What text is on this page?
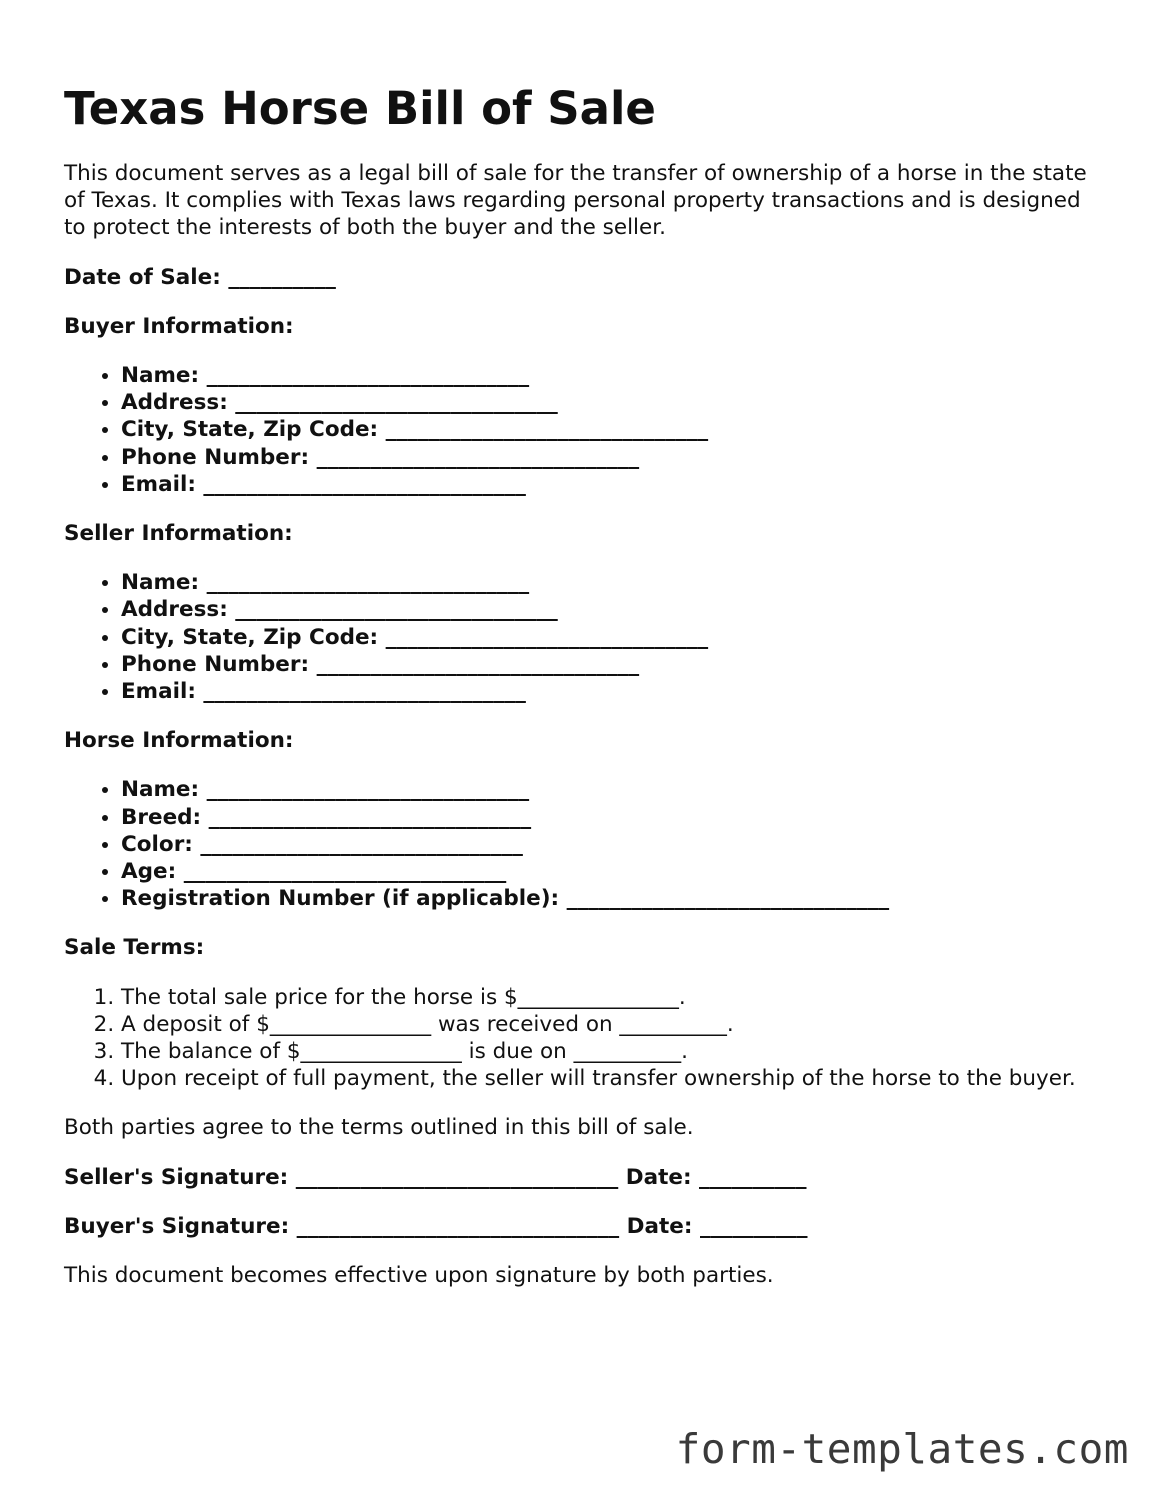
Texas Horse Bill of Sale

This document serves as a legal bill of sale for the transfer of ownership of a horse in the state of Texas. It complies with Texas laws regarding personal property transactions and is designed to protect the interests of both the buyer and the seller.

Date of Sale: __________

Buyer Information:

• Name: ______________________________
• Address: ______________________________
• City, State, Zip Code: ______________________________
• Phone Number: ______________________________
• Email: ______________________________

Seller Information:

• Name: ______________________________
• Address: ______________________________
• City, State, Zip Code: ______________________________
• Phone Number: ______________________________
• Email: ______________________________

Horse Information:

• Name: ______________________________
• Breed: ______________________________
• Color: ______________________________
• Age: ______________________________
• Registration Number (if applicable): ______________________________

Sale Terms:

1. The total sale price for the horse is $_______________.
2. A deposit of $_______________ was received on __________.
3. The balance of $_______________ is due on __________.
4. Upon receipt of full payment, the seller will transfer ownership of the horse to the buyer.

Both parties agree to the terms outlined in this bill of sale.

Seller's Signature: ______________________________ Date: __________

Buyer's Signature: ______________________________ Date: __________

This document becomes effective upon signature by both parties.

form-templates.com
